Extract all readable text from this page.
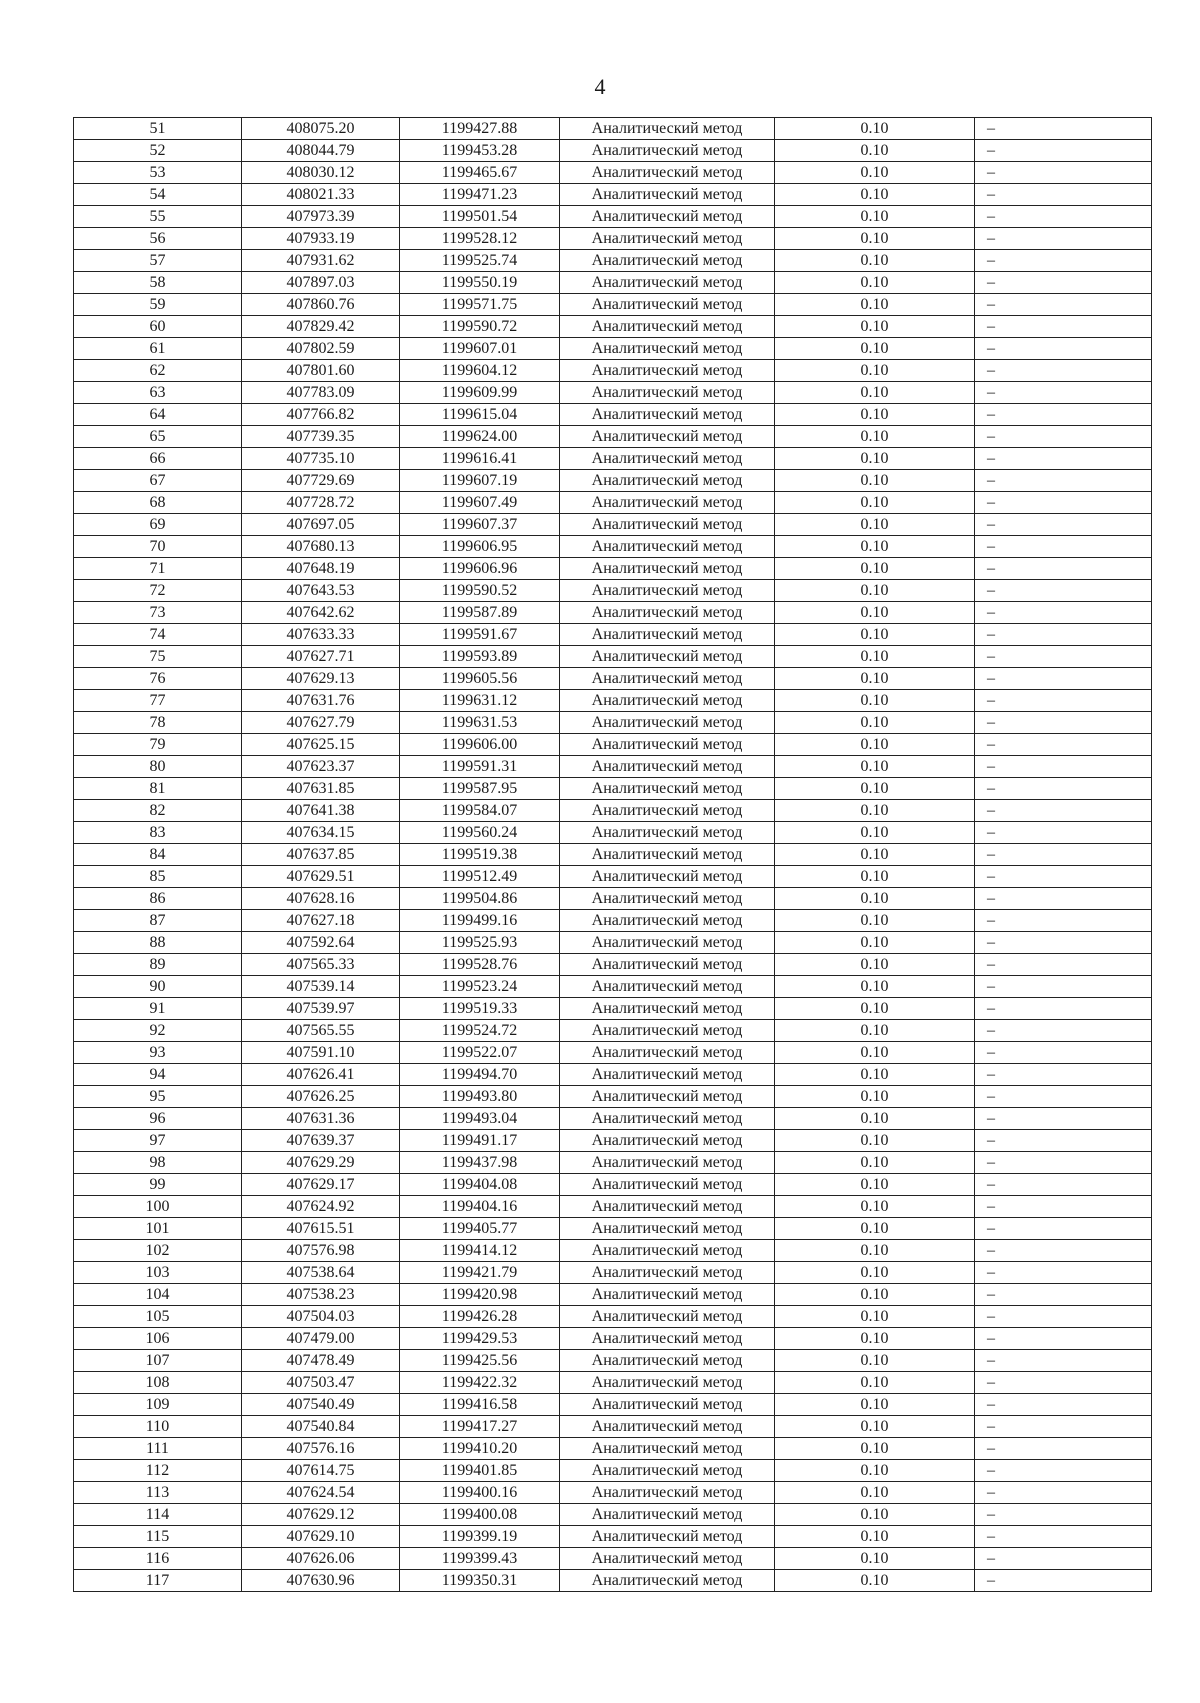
4
51	408075.20	1199427.88	Аналитический метод	0.10	–
52	408044.79	1199453.28	Аналитический метод	0.10	–
53	408030.12	1199465.67	Аналитический метод	0.10	–
54	408021.33	1199471.23	Аналитический метод	0.10	–
55	407973.39	1199501.54	Аналитический метод	0.10	–
56	407933.19	1199528.12	Аналитический метод	0.10	–
57	407931.62	1199525.74	Аналитический метод	0.10	–
58	407897.03	1199550.19	Аналитический метод	0.10	–
59	407860.76	1199571.75	Аналитический метод	0.10	–
60	407829.42	1199590.72	Аналитический метод	0.10	–
61	407802.59	1199607.01	Аналитический метод	0.10	–
62	407801.60	1199604.12	Аналитический метод	0.10	–
63	407783.09	1199609.99	Аналитический метод	0.10	–
64	407766.82	1199615.04	Аналитический метод	0.10	–
65	407739.35	1199624.00	Аналитический метод	0.10	–
66	407735.10	1199616.41	Аналитический метод	0.10	–
67	407729.69	1199607.19	Аналитический метод	0.10	–
68	407728.72	1199607.49	Аналитический метод	0.10	–
69	407697.05	1199607.37	Аналитический метод	0.10	–
70	407680.13	1199606.95	Аналитический метод	0.10	–
71	407648.19	1199606.96	Аналитический метод	0.10	–
72	407643.53	1199590.52	Аналитический метод	0.10	–
73	407642.62	1199587.89	Аналитический метод	0.10	–
74	407633.33	1199591.67	Аналитический метод	0.10	–
75	407627.71	1199593.89	Аналитический метод	0.10	–
76	407629.13	1199605.56	Аналитический метод	0.10	–
77	407631.76	1199631.12	Аналитический метод	0.10	–
78	407627.79	1199631.53	Аналитический метод	0.10	–
79	407625.15	1199606.00	Аналитический метод	0.10	–
80	407623.37	1199591.31	Аналитический метод	0.10	–
81	407631.85	1199587.95	Аналитический метод	0.10	–
82	407641.38	1199584.07	Аналитический метод	0.10	–
83	407634.15	1199560.24	Аналитический метод	0.10	–
84	407637.85	1199519.38	Аналитический метод	0.10	–
85	407629.51	1199512.49	Аналитический метод	0.10	–
86	407628.16	1199504.86	Аналитический метод	0.10	–
87	407627.18	1199499.16	Аналитический метод	0.10	–
88	407592.64	1199525.93	Аналитический метод	0.10	–
89	407565.33	1199528.76	Аналитический метод	0.10	–
90	407539.14	1199523.24	Аналитический метод	0.10	–
91	407539.97	1199519.33	Аналитический метод	0.10	–
92	407565.55	1199524.72	Аналитический метод	0.10	–
93	407591.10	1199522.07	Аналитический метод	0.10	–
94	407626.41	1199494.70	Аналитический метод	0.10	–
95	407626.25	1199493.80	Аналитический метод	0.10	–
96	407631.36	1199493.04	Аналитический метод	0.10	–
97	407639.37	1199491.17	Аналитический метод	0.10	–
98	407629.29	1199437.98	Аналитический метод	0.10	–
99	407629.17	1199404.08	Аналитический метод	0.10	–
100	407624.92	1199404.16	Аналитический метод	0.10	–
101	407615.51	1199405.77	Аналитический метод	0.10	–
102	407576.98	1199414.12	Аналитический метод	0.10	–
103	407538.64	1199421.79	Аналитический метод	0.10	–
104	407538.23	1199420.98	Аналитический метод	0.10	–
105	407504.03	1199426.28	Аналитический метод	0.10	–
106	407479.00	1199429.53	Аналитический метод	0.10	–
107	407478.49	1199425.56	Аналитический метод	0.10	–
108	407503.47	1199422.32	Аналитический метод	0.10	–
109	407540.49	1199416.58	Аналитический метод	0.10	–
110	407540.84	1199417.27	Аналитический метод	0.10	–
111	407576.16	1199410.20	Аналитический метод	0.10	–
112	407614.75	1199401.85	Аналитический метод	0.10	–
113	407624.54	1199400.16	Аналитический метод	0.10	–
114	407629.12	1199400.08	Аналитический метод	0.10	–
115	407629.10	1199399.19	Аналитический метод	0.10	–
116	407626.06	1199399.43	Аналитический метод	0.10	–
117	407630.96	1199350.31	Аналитический метод	0.10	–
